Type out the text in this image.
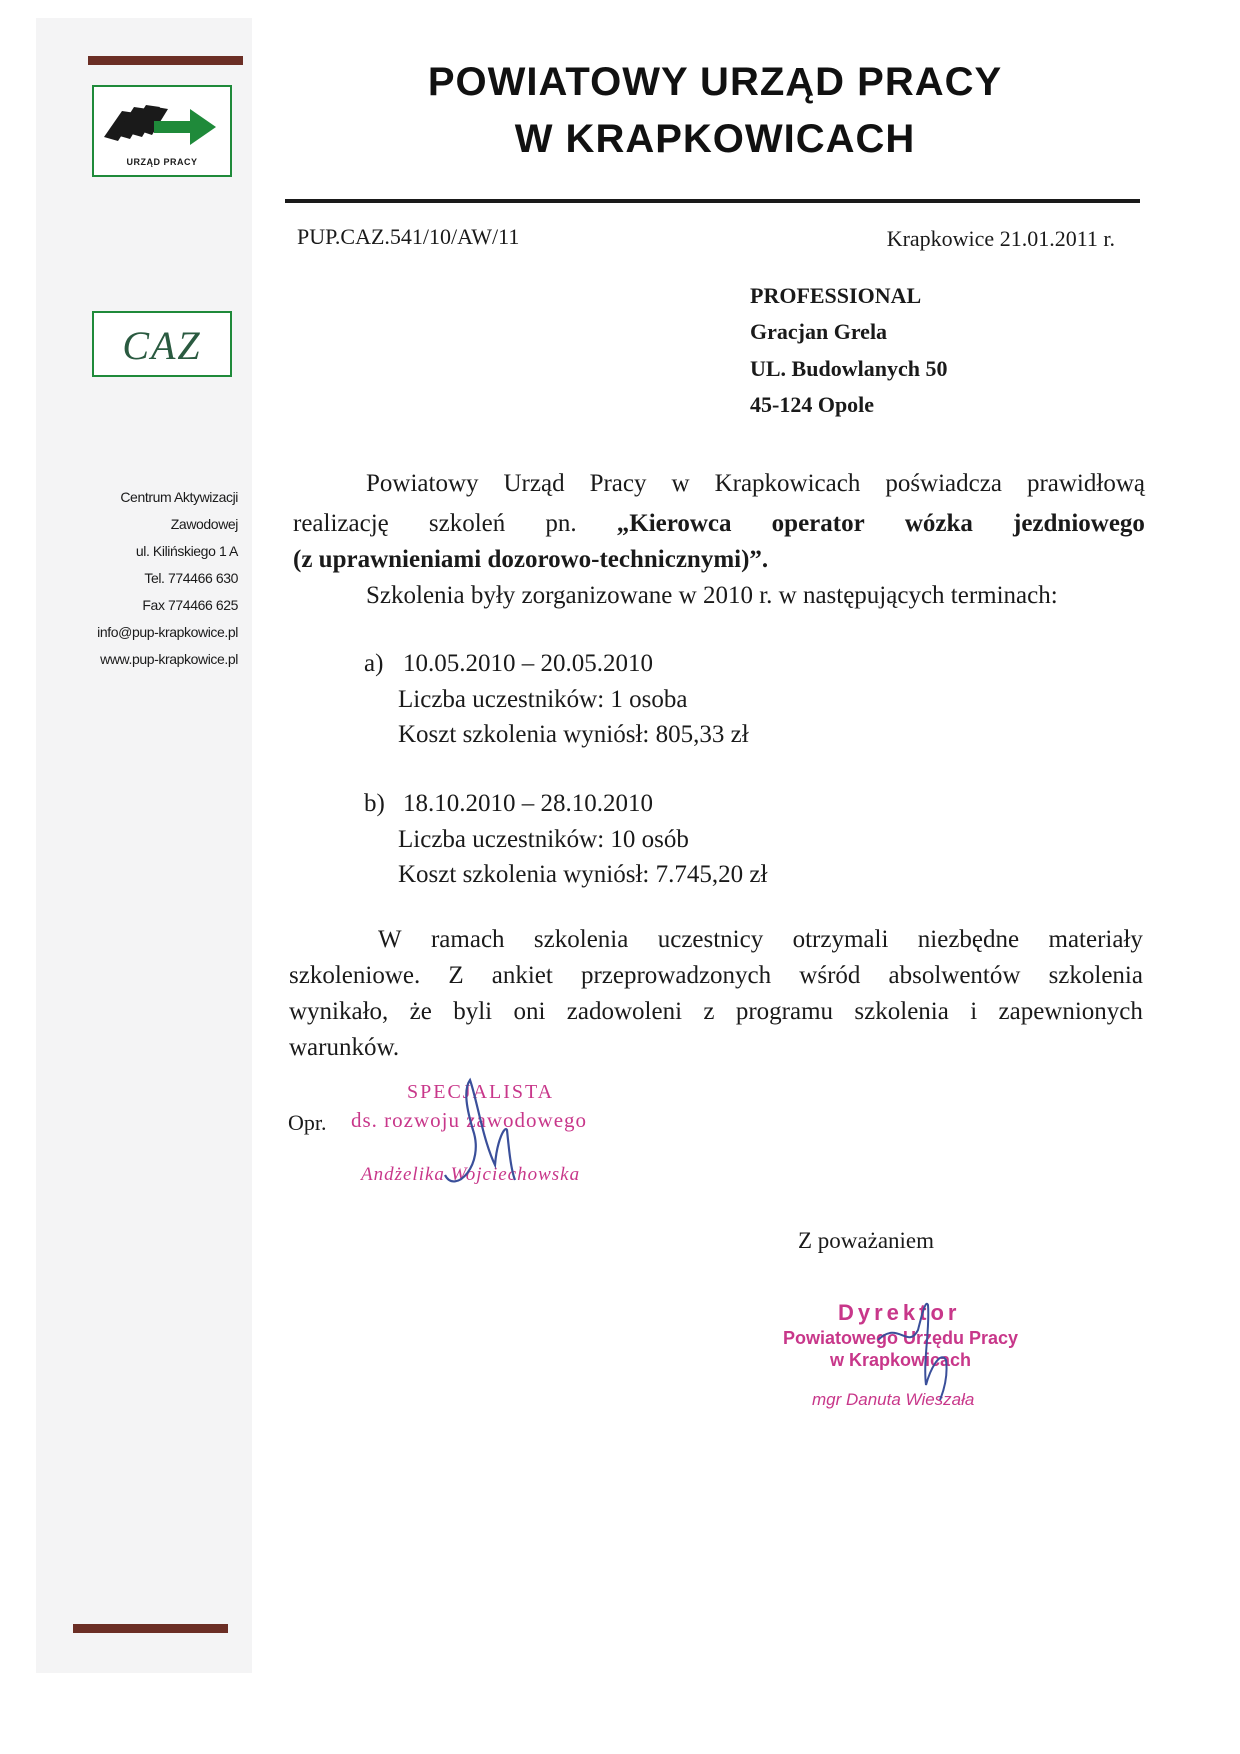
URZĄD PRACY
CAZ
Centrum Aktywizacji
Zawodowej
ul. Kilińskiego 1 A
Tel. 774466 630
Fax 774466 625
info@pup-krapkowice.pl
www.pup-krapkowice.pl
POWIATOWY URZĄD PRACY
W KRAPKOWICACH
PUP.CAZ.541/10/AW/11	Krapkowice 21.01.2011 r.
PROFESSIONAL
Gracjan Grela
UL. Budowlanych 50
45-124 Opole
Powiatowy Urząd Pracy w Krapkowicach poświadcza prawidłową
realizację szkoleń pn. „Kierowca operator wózka jezdniowego
(z uprawnieniami dozorowo-technicznymi)”.
Szkolenia były zorganizowane w 2010 r. w następujących terminach:
a) 10.05.2010 – 20.05.2010
Liczba uczestników: 1 osoba
Koszt szkolenia wyniósł: 805,33 zł
b) 18.10.2010 – 28.10.2010
Liczba uczestników: 10 osób
Koszt szkolenia wyniósł: 7.745,20 zł
W ramach szkolenia uczestnicy otrzymali niezbędne materiały
szkoleniowe. Z ankiet przeprowadzonych wśród absolwentów szkolenia
wynikało, że byli oni zadowoleni z programu szkolenia i zapewnionych
warunków.
SPECJALISTA
Opr. ds. rozwoju zawodowego
Andżelika Wojciechowska
Z poważaniem
Dyrektor
Powiatowego Urzędu Pracy
w Krapkowicach
mgr Danuta Wieszała
